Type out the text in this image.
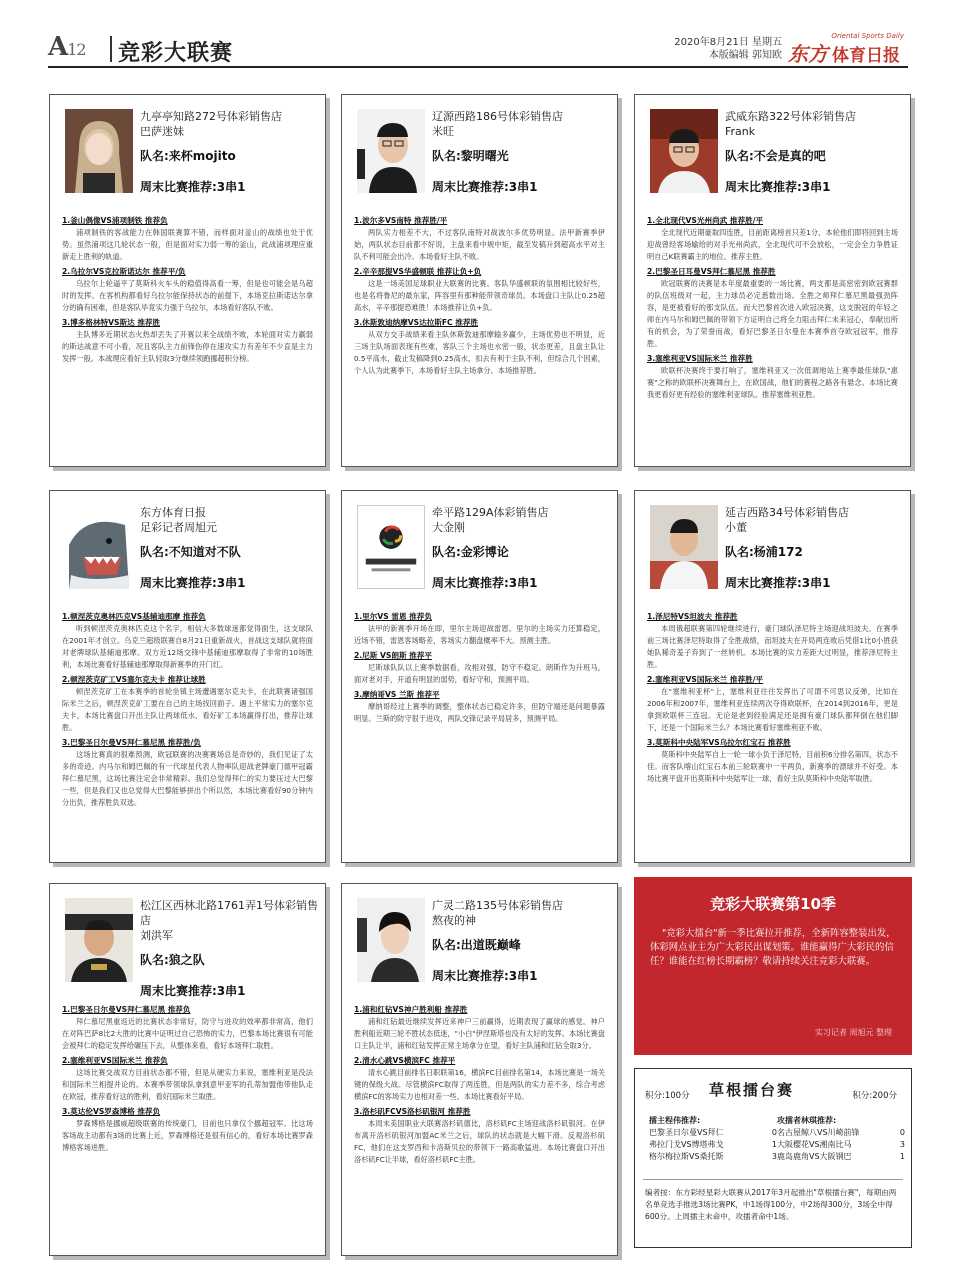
A12 竞彩大联赛	2020年8月21日 星期五
本版编辑 郭知欧
Oriental Sports Daily
东方 体育日报
九亭亭知路272号体彩销售店
巴萨迷妹
队名:来杯mojito
周末比赛推荐:3串1
1.釜山偶像VS浦项制铁 推荐负

浦项制铁的客战能力在韩国联赛算不错，而样面对釜山的战绩也处于优势。虽然浦项这几轮状态一般，但是面对实力弱一筹的釜山，此战浦项理应重新走上胜利的轨道。

2.乌拉尔VS克拉斯诺达尔 推荐平/负

乌拉尔上轮逼平了莫斯科火车头的稳值得高看一筹，但是也可能会是乌超时的发挥。在客机构都看好乌拉尔能保持状态的前提下，本场克拉斯诺达尔拿分的确有困难，但是客队毕竟实力强于乌拉尔，本场看好客队不败。

3.博多格林特VS斯达 推荐胜

主队博多近期状态火热却丢失了开赛以来全战绩不败，本轮面对实力羸弱的斯达战意不可小看，况且客队主力前锋伤停在速攻实力有差年不少直是主力发挥一般。本战理应看好主队轻取3分继续领跑挪超积分榜。

辽源西路186号体彩销售店
米旺
队名:黎明曙光
周末比赛推荐:3串1
1.波尔多VS南特 推荐胜/平

两队实力相差不大，不过客队南特对战波尔多优势明显。法甲新赛季伊始，两队状态目前都不好说，主盘来看中规中矩，截至发稿升到超高水平对主队不利可能会出冷。本场看好主队不败。

2.辛辛那提VS华盛顿联 推荐让负+负

这是一场美国足球职业大联赛的比赛。客队华盛顿联的氛围相比较好些，也是名将鲁尼的最东家，阵容里有那种能带领奇球员。本场盘口主队让0.25超高水，辛辛那提恐难胜！本场推荐让负+负。

3.休斯敦迪纳摩VS达拉斯FC 推荐胜

从双方交手战绩来看主队休斯敦迪那摩输多赢少，主场优势也不明显，近三场主队场面表现有些难，客队三个主场也水密一般，状态更差，且盘主队让0.5平高水，截止发稿降到0.25高水，扣去有利于主队不利，但综合几个因素，个人认为此赛季下，本场看好主队主场拿分。本场推荐胜。

武威东路322号体彩销售店
Frank
队名:不会是真的吧
周末比赛推荐:3串1
1.全北现代VS光州尚武 推荐胜/平

全北现代近期豪取四连胜，目前距离榜首只差1分，本轮他们即将回到主场迎战曾经客场输给的对手光州尚武，全北现代可不会放松，一定会全力争胜证明自己K联赛霸主的地位。推荐主胜。

2.巴黎圣日耳曼VS拜仁慕尼黑 推荐胜

欧冠联赛的决赛是本年度最重要的一场比赛，两支都是高密密到欧冠赛群的队伍班级对一起，主力球员必定悉数出场。全胜之师拜仁慕尼黑最强劲阵容，是更被看好的那支队伍。而大巴黎首次进入欧冠决赛，这支脱冠的年轻之师在内马尔和姆巴佩的带领下方证明自己将全力阻击拜仁未来冠心，奉献出所有的机会，为了荣誉而战，看好巴黎圣日尔曼在本赛季首夺欧冠冠军，推荐胜。

3.塞维利亚VS国际米兰 推荐胜

欧联杯决赛终于要打响了，塞维利亚又一次低调地站上赛季最佳球队"惠赛"之称的欧联杯决赛舞台上，在欧国战，他们的赛程之路各有悬念。本场比赛我更看好更有经验的塞维利亚球队。推荐塞维利亚胜。

东方体育日报
足彩记者周旭元
队名:不知道对不队
周末比赛推荐:3串1
1.顿涅茨克奥林匹克VS基辅迪那摩 推荐负

听到顿涅茨克奥林匹克这个名字，相信大多数球迷都觉得面生，这支球队在2001年才创立。乌克兰超级联赛自8月21日重新战火，首战这支球队就将面对老牌球队基辅迪那摩。双方近12场交锋中基辅迪那摩取得了非常的10场胜利，本场比赛看好基辅迪那摩取得新赛季的开门红。

2.顿涅茨克矿工VS塞尔克夫卡 推荐让球胜

顿涅茨克矿工在本赛季的首轮坐镇主场遭遇塞尔克夫卡，在此联赛诸强国际米兰之后，顿涅茨克矿工要在自己的主场找回面子。遇上平常实力的塞尔克夫卡，本场比赛盘口开出主队让两球低水，看好矿工本场赢得打出，推荐让球胜。

3.巴黎圣日尔曼VS拜仁慕尼黑 推荐胜/负

这场比赛真的很难预测，欧冠联赛的决赛赛场总是奇妙的，我们见证了太多的奇迹。内马尔和姆巴佩的有一代球星代表人物率队迎战老牌豪门德甲冠霸拜仁慕尼黑，这场比赛注定会非常精彩。我们总觉得拜仁的实力要压过大巴黎一些，但是我们又也总觉得大巴黎能够拼出个所以然，本场比赛看好90分钟内分出负，推荐胜负双选。

牵平路129A体彩销售店
大金刚
队名:金彩博论
周末比赛推荐:3串1
1.里尔VS 雷恩 推荐负

法甲的新赛季开场在即，里尔主场迎战雷恩。里尔的主场实力还算稳定，近场不错，雷恩客场略差，客场实力翻盘概率不大。预测主胜。

2.尼斯 VS朗斯 推荐平

尼斯球队队以上赛季数据看，攻相对强，防守不稳定。朗斯作为升班马，面对老对手，开道有明显的弱势，看好守和，预测平局。

3.摩纳哥VS 兰斯 推荐平

摩纳哥经过上赛季的调整，整体状态已稳定许多，但防守端还是问题暴露明显。兰斯的防守很于进攻，两队交锋记录平局居多，预测平局。

延吉西路34号体彩销售店
小董
队名:杨浦172
周末比赛推荐:3串1
1.泽尼特VS坦波夫 推荐胜

本周俄超联赛第四轮继续进行，豪门球队泽尼特主场迎战坦波夫。在赛季前三场比赛泽尼特取得了全胜战绩，而坦波夫在开局两连败后凭借1比0小胜获她队稀奇羞子弃到了一丝转机。本场比赛的实力差距大过明显，推荐泽尼特主胜。

2.塞维利亚VS国际米兰 推荐胜/平

在"塞维利亚杯"上，塞维利亚往往发挥出了可谓不可思议反弹，比如在2006年和2007年，塞维利亚连续两次夺得欧联杯，在2014到2016年，更是拿到欧联杯三连冠。无论是老到经验满足还是拥有豪门球队都拜倒在他们脚下，还是一个国际米兰么？本场比赛看好塞维利亚不败。

3.莫斯科中央陆军VS乌拉尔红宝石 推荐胜

莫斯科中央陆军自上一轮一球小负于泽尼特，目前积6分排名第四，状态不佳。而客队喀山红宝石本前三轮联赛中一平两负，新赛季的漂球并不好受。本场比赛平盘开出莫斯科中央陆军让一球，看好主队莫斯科中央陆军取胜。

松江区西林北路1761弄1号体彩销售店
刘洪军
队名:狼之队
周末比赛推荐:3串1
1.巴黎圣日尔曼VS拜仁慕尼黑 推荐负

拜仁慕尼黑重返近的比赛状态非常好，防守与进攻的效率都非常高，他们在对阵巴萨8比2大胜的比赛中证明过自己恐怖的实力，巴黎本场比赛很有可能会被拜仁的稳定发挥给碾压下去，从整体来看，看好本场拜仁取胜。

2.塞维利亚VS国际米兰 推荐负

这场比赛交战双方目前状态都不错，但是从硬实力来说，塞维利亚是没法和国际米兰相提并论的。本赛季带领球队拿到意甲亚军的孔蒂加盟他带他队走在欧冠，推荐看好这的胜利，看好国际米兰取胜。

3.莫达伦VS罗森博格 推荐负

罗森博格是挪威超级联赛的传统豪门，目前也只拿仅个挪超冠军。比这场客场战主动都有3场的比赛上近，罗森博格还是很有信心的，看好本场比赛罗森博格客场进胜。

广灵二路135号体彩销售店
熬夜的神
队名:出道既巅峰
周末比赛推荐:3串1
1.浦和红钻VS神户胜利船 推荐胜

浦和红钻最近继续发挥近来神户三前赢得，近期表现了赢球的感觉。神户胜利船近期三轮不胜状态低迷，"小白"伊涅斯塔也没有太好的发挥。本场比赛盘口主队让半，浦和红钻发挥正常主场拿分在望，看好主队浦和红钻全取3分。

2.清水心跳VS横滨FC 推荐平

清水心跳目前排名日职联第16，横滨FC目前排名第14，本场比赛是一场关键的保级大战。尽管横滨FC取得了两连胜，但是两队的实力差不多，综合考虑横滨FC的客场实力也相对差一些。本场比赛看好平局。

3.洛杉矶FCVS洛杉矶银河 推荐胜

本周末美国职业大联赛洛杉矶德比，洛杉矶FC主场迎战洛杉矶银河。在伊布离开洛杉矶银河加盟AC米兰之后，球队的状态就是大幅下滑。反观洛杉矶FC，他们在这支罗西和卡洛斯贝拉的带领下一路高歌猛进。本场比赛盘口开出洛杉矶FC让半球，看好洛杉矶FC主胜。

竞彩大联赛第10季
"竞彩大擂台"新一季比赛拉开推荐，全新阵容整装出发，体彩网点业主为广大彩民出谋划策。谁能赢得广大彩民的信任？谁能在红榜长期霸榜？敬请持续关注竞彩大联赛。
实习记者 周旭元 整理
积分:100分 草根擂台赛	积分:200分
擂主程伟推荐:
巴黎圣日尔曼VS拜仁	0
弗拉门戈VS博塔弗戈	1
格尔梅拉斯VS桑托斯	3
攻擂者林琪推荐:
名古屋鲸八VS川崎前锋	0
大阪樱花VS湘南比马	3
鹿岛鹿角VS大阪钢巴	1
编者按：东方彩经星彩大联赛从2017年3月起推出"草根擂台赛"，每期由两名单竞选手推选3场比赛PK，中1场得100分，中2场得300分，3场全中得600分。上周擂主未命中，攻擂者命中1场。
